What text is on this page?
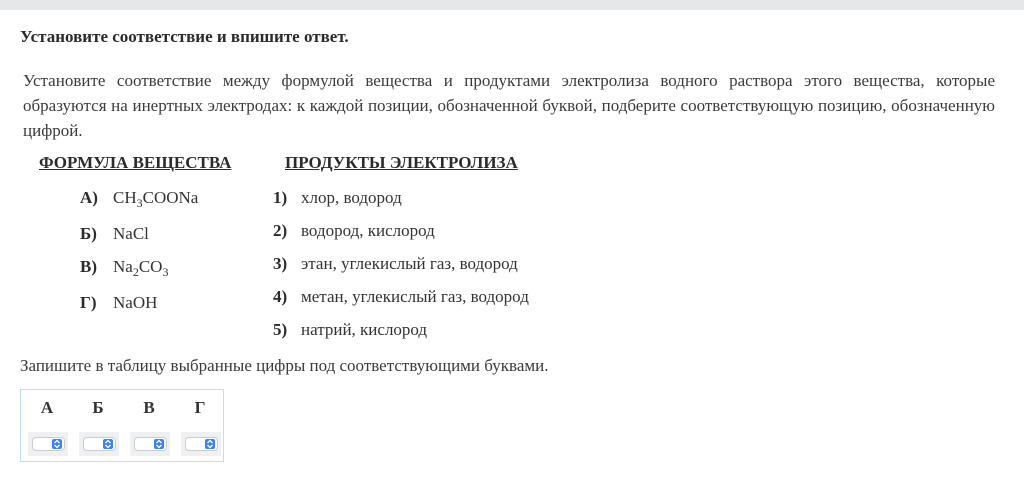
Установите соответствие и впишите ответ.
Установите соответствие между формулой вещества и продуктами электролиза водного раствора этого вещества, которые образуются на инертных электродах: к каждой позиции, обозначенной буквой, подберите соответствующую позицию, обозначенную цифрой.
ФОРМУЛА ВЕЩЕСТВА	ПРОДУКТЫ ЭЛЕКТРОЛИЗА
А) $CH_3COONa$
Б) NaCl
В) $Na_2CO_3$
Г) NaOH
1) хлор, водород
2) водород, кислород
3) этан, углекислый газ, водород
4) метан, углекислый газ, водород
5) натрий, кислород
Запишите в таблицу выбранные цифры под соответствующими буквами.
А	Б	В	Г
